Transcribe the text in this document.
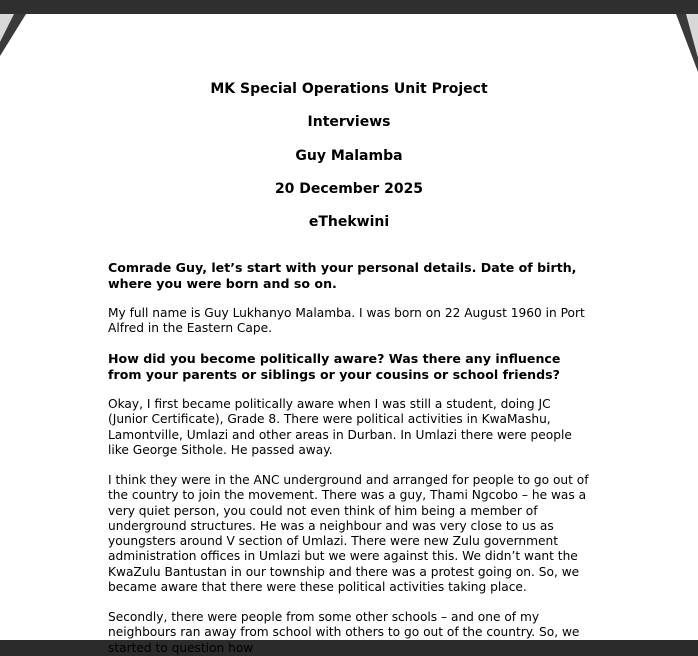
MK Special Operations Unit Project
Interviews
Guy Malamba
20 December 2025
eThekwini

Comrade Guy, let’s start with your personal details. Date of birth, where you were born and so on.

My full name is Guy Lukhanyo Malamba. I was born on 22 August 1960 in Port Alfred in the Eastern Cape.

How did you become politically aware? Was there any influence from your parents or siblings or your cousins or school friends?

Okay, I first became politically aware when I was still a student, doing JC (Junior Certificate), Grade 8. There were political activities in KwaMashu, Lamontville, Umlazi and other areas in Durban. In Umlazi there were people like George Sithole. He passed away.

I think they were in the ANC underground and arranged for people to go out of the country to join the movement. There was a guy, Thami Ngcobo – he was a very quiet person, you could not even think of him being a member of underground structures. He was a neighbour and was very close to us as youngsters around V section of Umlazi. There were new Zulu government administration offices in Umlazi but we were against this. We didn’t want the KwaZulu Bantustan in our township and there was a protest going on. So, we became aware that there were these political activities taking place.

Secondly, there were people from some other schools – and one of my neighbours ran away from school with others to go out of the country. So, we started to question how
